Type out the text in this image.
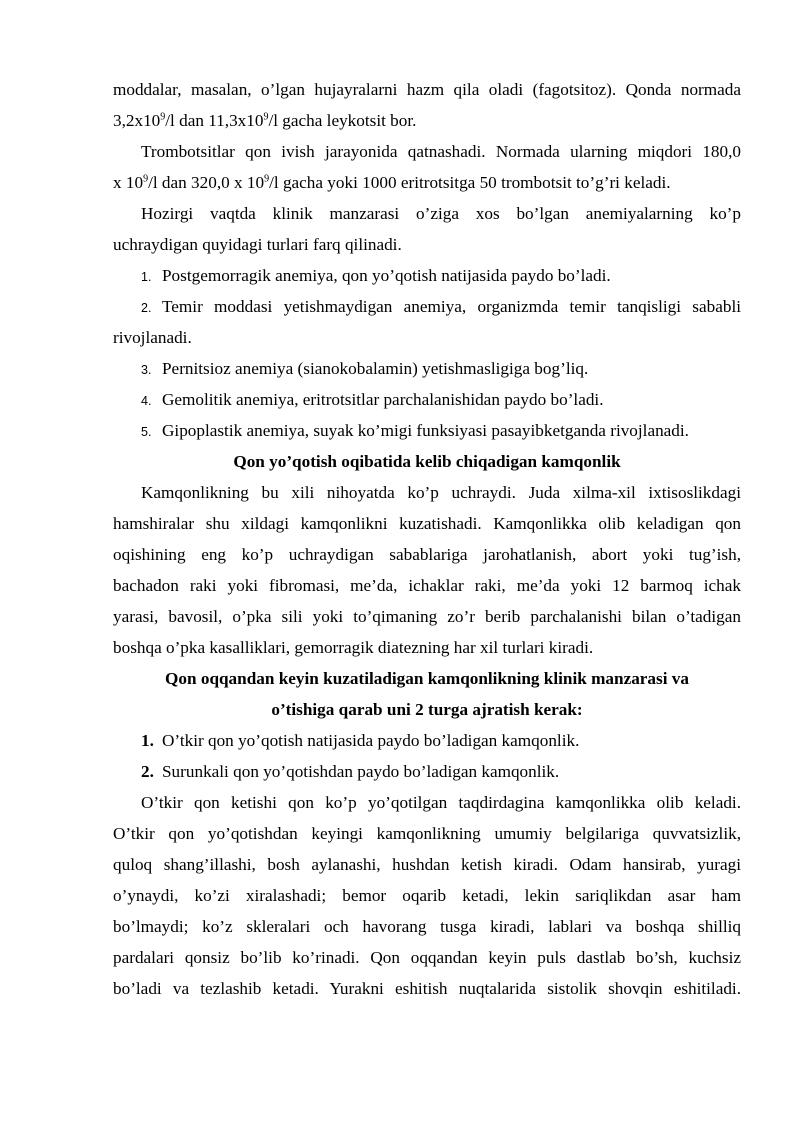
moddalar, masalan, o’lgan hujayralarni hazm qila oladi (fagotsitoz). Qonda normada
$3,2x10^9/l$ dan $11,3x10^9/l$ gacha leykotsit bor.
Trombotsitlar qon ivish jarayonida qatnashadi. Normada ularning miqdori 180,0
x $10^9/l$ dan 320,0 x $10^9/l$ gacha yoki 1000 eritrotsitga 50 trombotsit to’g’ri keladi.
Hozirgi vaqtda klinik manzarasi o’ziga xos bo’lgan anemiyalarning ko’p
uchraydigan quyidagi turlari farq qilinadi.
1. Postgemorragik anemiya, qon yo’qotish natijasida paydo bo’ladi.
2. Temir moddasi yetishmaydigan anemiya, organizmda temir tanqisligi sababli
rivojlanadi.
3. Pernitsioz anemiya (sianokobalamin) yetishmasligiga bog’liq.
4. Gemolitik anemiya, eritrotsitlar parchalanishidan paydo bo’ladi.
5. Gipoplastik anemiya, suyak ko’migi funksiyasi pasayibketganda rivojlanadi.
Qon yo’qotish oqibatida kelib chiqadigan kamqonlik
Kamqonlikning bu xili nihoyatda ko’p uchraydi. Juda xilma-xil ixtisoslikdagi
hamshiralar shu xildagi kamqonlikni kuzatishadi. Kamqonlikka olib keladigan qon
oqishining eng ko’p uchraydigan sabablariga jarohatlanish, abort yoki tug’ish,
bachadon raki yoki fibromasi, me’da, ichaklar raki, me’da yoki 12 barmoq ichak
yarasi, bavosil, o’pka sili yoki to’qimaning zo’r berib parchalanishi bilan o’tadigan
boshqa o’pka kasalliklari, gemorragik diatezning har xil turlari kiradi.
Qon oqqandan keyin kuzatiladigan kamqonlikning klinik manzarasi va
o’tishiga qarab uni 2 turga ajratish kerak:
1. O’tkir qon yo’qotish natijasida paydo bo’ladigan kamqonlik.
2. Surunkali qon yo’qotishdan paydo bo’ladigan kamqonlik.
O’tkir qon ketishi qon ko’p yo’qotilgan taqdirdagina kamqonlikka olib keladi.
O’tkir qon yo’qotishdan keyingi kamqonlikning umumiy belgilariga quvvatsizlik,
quloq shang’illashi, bosh aylanashi, hushdan ketish kiradi. Odam hansirab, yuragi
o’ynaydi, ko’zi xiralashadi; bemor oqarib ketadi, lekin sariqlikdan asar ham
bo’lmaydi; ko’z skleralari och havorang tusga kiradi, lablari va boshqa shilliq
pardalari qonsiz bo’lib ko’rinadi. Qon oqqandan keyin puls dastlab bo’sh, kuchsiz
bo’ladi va tezlashib ketadi. Yurakni eshitish nuqtalarida sistolik shovqin eshitiladi.
